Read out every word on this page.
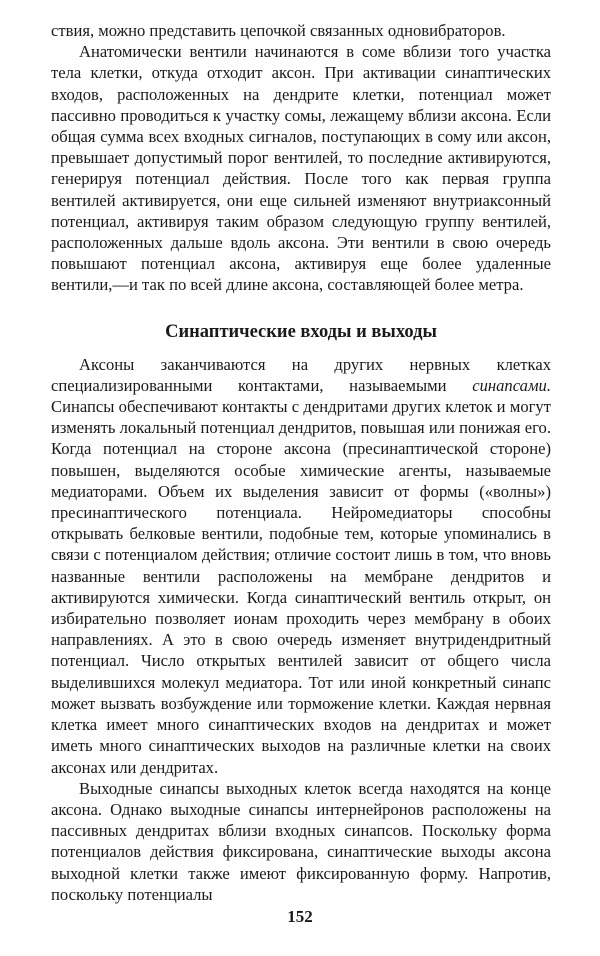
ствия, можно представить цепочкой связанных одновибраторов.

Анатомически вентили начинаются в соме вблизи того участка тела клетки, откуда отходит аксон. При активации синаптических входов, расположенных на дендрите клетки, потенциал может пассивно проводиться к участку сомы, лежащему вблизи аксона. Если общая сумма всех входных сигналов, поступающих в сому или аксон, превышает допустимый порог вентилей, то последние активируются, генерируя потенциал действия. После того как первая группа вентилей активируется, они еще сильней изменяют внутриаксонный потенциал, активируя таким образом следующую группу вентилей, расположенных дальше вдоль аксона. Эти вентили в свою очередь повышают потенциал аксона, активируя еще более удаленные вентили,—и так по всей длине аксона, составляющей более метра.

Синаптические входы и выходы

Аксоны заканчиваются на других нервных клетках специализированными контактами, называемыми синапсами. Синапсы обеспечивают контакты с дендритами других клеток и могут изменять локальный потенциал дендритов, повышая или понижая его. Когда потенциал на стороне аксона (пресинаптической стороне) повышен, выделяются особые химические агенты, называемые медиаторами. Объем их выделения зависит от формы («волны») пресинаптического потенциала. Нейромедиаторы способны открывать белковые вентили, подобные тем, которые упоминались в связи с потенциалом действия; отличие состоит лишь в том, что вновь названные вентили расположены на мембране дендритов и активируются химически. Когда синаптический вентиль открыт, он избирательно позволяет ионам проходить через мембрану в обоих направлениях. А это в свою очередь изменяет внутридендритный потенциал. Число открытых вентилей зависит от общего числа выделившихся молекул медиатора. Тот или иной конкретный синапс может вызвать возбуждение или торможение клетки. Каждая нервная клетка имеет много синаптических входов на дендритах и может иметь много синаптических выходов на различные клетки на своих аксонах или дендритах.

Выходные синапсы выходных клеток всегда находятся на конце аксона. Однако выходные синапсы интернейронов расположены на пассивных дендритах вблизи входных синапсов. Поскольку форма потенциалов действия фиксирована, синаптические выходы аксона выходной клетки также имеют фиксированную форму. Напротив, поскольку потенциалы

152
